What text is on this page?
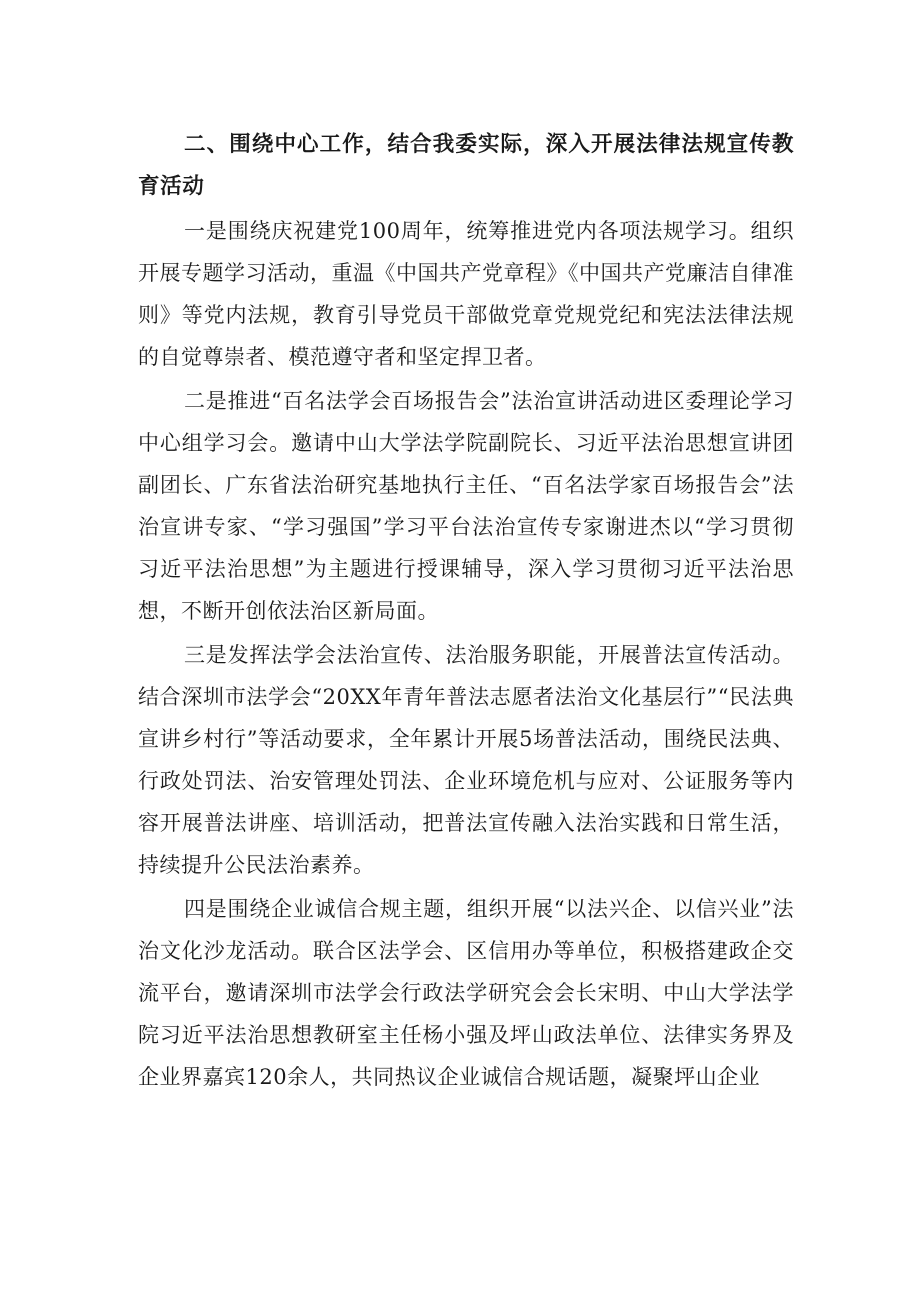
二、围绕中心工作，结合我委实际，深入开展法律法规宣传教育活动

一是围绕庆祝建党100周年，统筹推进党内各项法规学习。组织开展专题学习活动，重温《中国共产党章程》《中国共产党廉洁自律准则》等党内法规，教育引导党员干部做党章党规党纪和宪法法律法规的自觉尊崇者、模范遵守者和坚定捍卫者。

二是推进“百名法学会百场报告会”法治宣讲活动进区委理论学习中心组学习会。邀请中山大学法学院副院长、习近平法治思想宣讲团副团长、广东省法治研究基地执行主任、“百名法学家百场报告会”法治宣讲专家、“学习强国”学习平台法治宣传专家谢进杰以“学习贯彻习近平法治思想”为主题进行授课辅导，深入学习贯彻习近平法治思想，不断开创依法治区新局面。

三是发挥法学会法治宣传、法治服务职能，开展普法宣传活动。结合深圳市法学会“20XX年青年普法志愿者法治文化基层行”“民法典宣讲乡村行”等活动要求，全年累计开展5场普法活动，围绕民法典、行政处罚法、治安管理处罚法、企业环境危机与应对、公证服务等内容开展普法讲座、培训活动，把普法宣传融入法治实践和日常生活，持续提升公民法治素养。

四是围绕企业诚信合规主题，组织开展“以法兴企、以信兴业”法治文化沙龙活动。联合区法学会、区信用办等单位，积极搭建政企交流平台，邀请深圳市法学会行政法学研究会会长宋明、中山大学法学院习近平法治思想教研室主任杨小强及坪山政法单位、法律实务界及企业界嘉宾120余人，共同热议企业诚信合规话题，凝聚坪山企业
